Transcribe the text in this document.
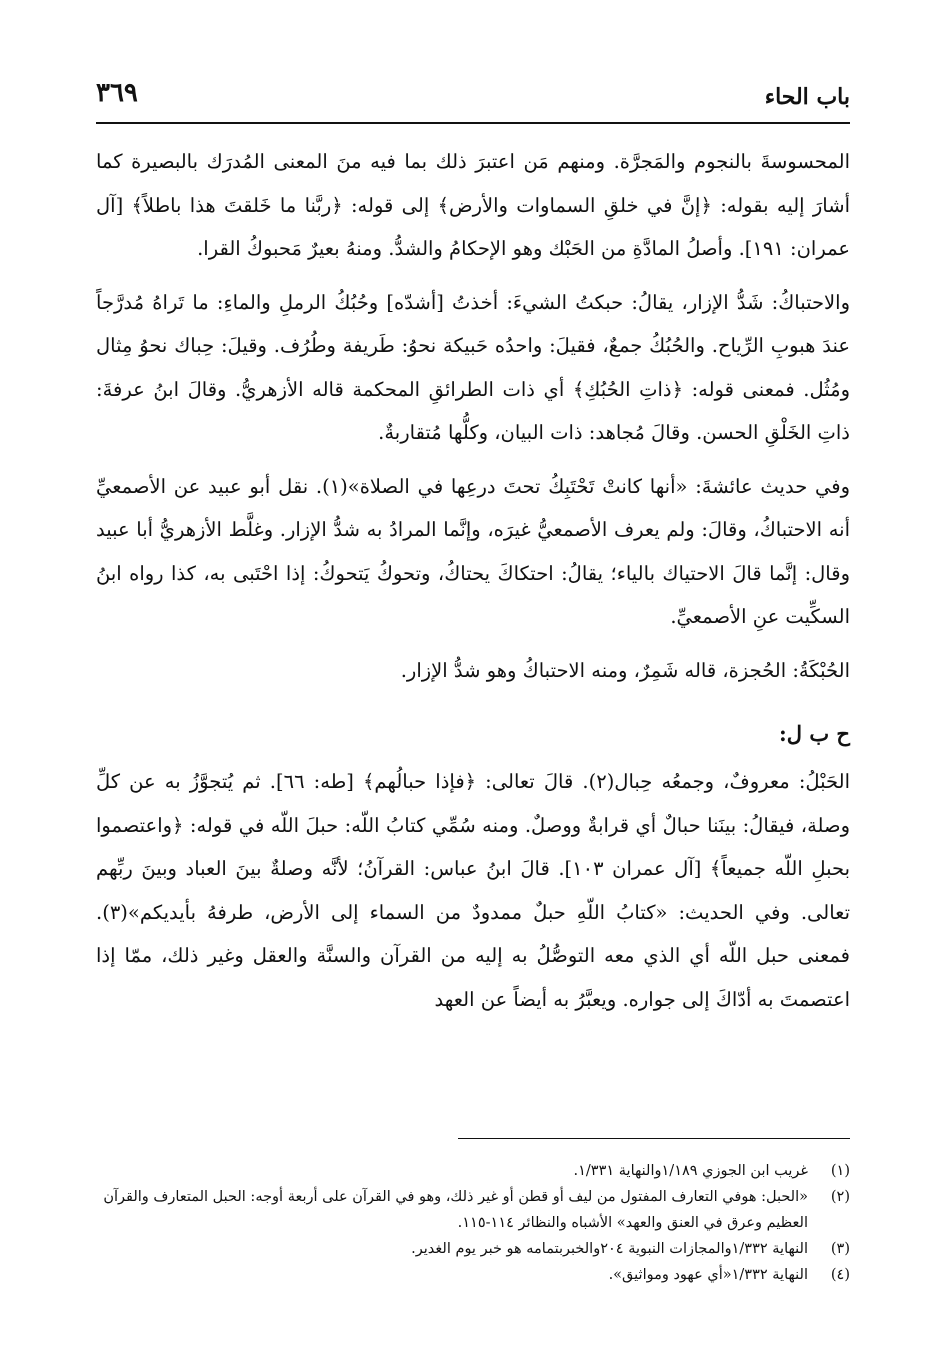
باب الحاء
٣٦٩

المحسوسةَ بالنجوم والمَجرَّة. ومنهم مَن اعتبرَ ذلك بما فيه منَ المعنى المُدرَك بالبصيرة كما أشارَ إليه بقوله: ﴿إنَّ في خلقِ السماوات والأرض﴾ إلى قوله: ﴿ربَّنا ما خَلقتَ هذا باطلاً﴾ [آل عمران: ١٩١]. وأصلُ المادَّةِ من الحَبْك وهو الإحكامُ والشدُّ. ومنهُ بعيرٌ مَحبوكُ القرا.

والاحتباكُ: شَدُّ الإزار، يقالُ: حبكتُ الشيءَ: أخذتُ [أشدّه] وحُبُكُ الرملِ والماءِ: ما تَراهُ مُدرَّجاً عندَ هبوبِ الرِّياح. والحُبُكُ جمعٌ، فقيلَ: واحدُه حَبيكة نحوُ: طَريفة وطُرُف. وقيلَ: حِباك نحوُ مِثال ومُثُل. فمعنى قوله: ﴿ذاتِ الحُبُكِ﴾ أي ذات الطرائقِ المحكمة قاله الأزهريُّ. وقالَ ابنُ عرفةَ: ذاتِ الخَلْقِ الحسن. وقالَ مُجاهد: ذات البيان، وكلُّها مُتقاربةٌ.

وفي حديث عائشةَ: «أنها كانتْ تَحْتَبِكُ تحتَ درعِها في الصلاة»(١). نقل أبو عبيد عن الأصمعيِّ أنه الاحتباكُ، وقالَ: ولم يعرف الأصمعيُّ غيرَه، وإنَّما المرادُ به شدُّ الإزار. وغلَّط الأزهريُّ أبا عبيد وقال: إنَّما قالَ الاحتياك بالياء؛ يقالُ: احتكاكَ يحتاكُ، وتحوكُ يَتحوكُ: إذا احْتَبى به، كذا رواه ابنُ السكِّيت عنِ الأصمعيِّ.

الحُبْكَةُ: الحُجزة، قاله شَمِرٌ، ومنه الاحتباكُ وهو شدُّ الإزار.

ح ب ل:

الحَبْلُ: معروفٌ، وجمعُه حِبال(٢). قالَ تعالى: ﴿فإذا حبالُهم﴾ [طه: ٦٦]. ثم يُتجوَّزُ به عن كلِّ وصلة، فيقالُ: بينَنا حبالٌ أي قرابةٌ ووصلٌ. ومنه سُمِّي كتابُ اللّه: حبلَ اللّه في قوله: ﴿واعتصموا بحبلِ اللّه جميعاً﴾ [آل عمران ١٠٣]. قالَ ابنُ عباس: القرآنُ؛ لأنَّه وصلةٌ بينَ العباد وبينَ ربِّهم تعالى. وفي الحديث: «كتابُ اللّهِ حبلٌ ممدودٌ من السماء إلى الأرض، طرفهُ بأيديكم»(٣). فمعنى حبل اللّه أي الذي معه التوصُّلُ به إليه من القرآن والسنَّة والعقل وغير ذلك، ممّا إذا اعتصمتَ به أدّاكَ إلى جواره. ويعبَّرُ به أيضاً عن العهد

(١)
غريب ابن الجوزي ١/١٨٩والنهاية ١/٣٣١.
(٢)
«الحبل: هوفي التعارف المفتول من ليف أو قطن أو غير ذلك، وهو في القرآن على أربعة أوجه: الحبل المتعارف والقرآن العظيم وعرق في العنق والعهد» الأشباه والنظائر ١١٤-١١٥.
(٣)
النهاية ١/٣٣٢والمجازات النبوية ٢٠٤والخبربتمامه هو خبر يوم الغدير.
(٤)
النهاية ١/٣٣٢«أي عهود ومواثيق».
